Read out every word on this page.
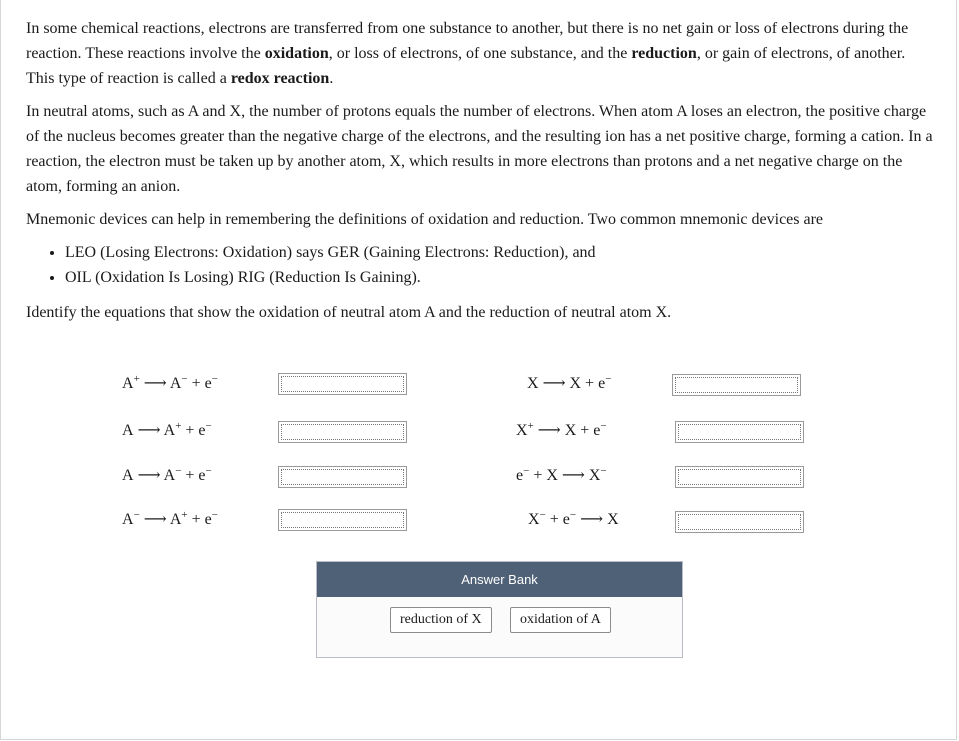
In some chemical reactions, electrons are transferred from one substance to another, but there is no net gain or loss of electrons during the reaction. These reactions involve the oxidation, or loss of electrons, of one substance, and the reduction, or gain of electrons, of another. This type of reaction is called a redox reaction.

In neutral atoms, such as A and X, the number of protons equals the number of electrons. When atom A loses an electron, the positive charge of the nucleus becomes greater than the negative charge of the electrons, and the resulting ion has a net positive charge, forming a cation. In a reaction, the electron must be taken up by another atom, X, which results in more electrons than protons and a net negative charge on the atom, forming an anion.

Mnemonic devices can help in remembering the definitions of oxidation and reduction. Two common mnemonic devices are

• LEO (Losing Electrons: Oxidation) says GER (Gaining Electrons: Reduction), and
• OIL (Oxidation Is Losing) RIG (Reduction Is Gaining).

Identify the equations that show the oxidation of neutral atom A and the reduction of neutral atom X.

A+ ⟶ A− + e−
A ⟶ A+ + e−
A ⟶ A− + e−
A− ⟶ A+ + e−
X ⟶ X + e−
X+ ⟶ X + e−
e− + X ⟶ X−
X− + e− ⟶ X
Answer Bank
reduction of X	oxidation of A
